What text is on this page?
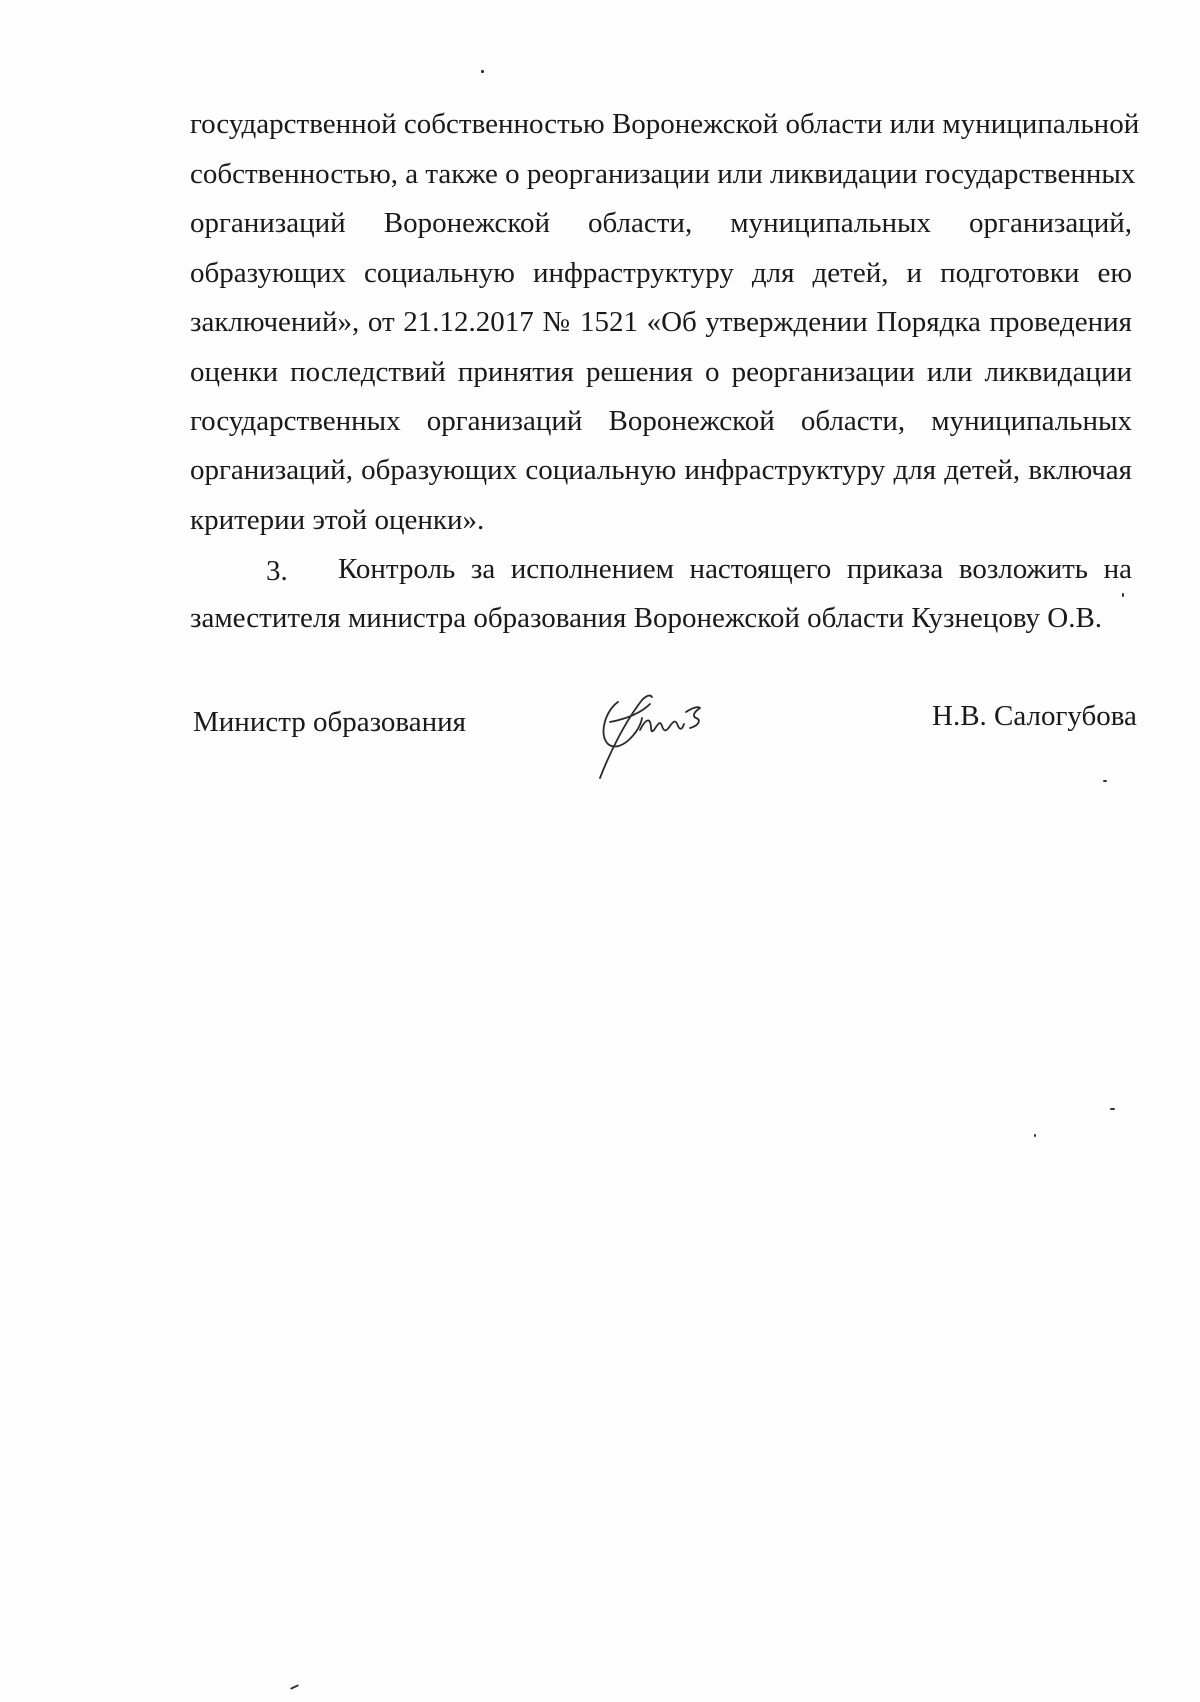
государственной собственностью Воронежской области или муниципальной
собственностью, а также о реорганизации или ликвидации государственных
организаций Воронежской области, муниципальных организаций,
образующих социальную инфраструктуру для детей, и подготовки ею
заключений», от 21.12.2017 № 1521 «Об утверждении Порядка проведения
оценки последствий принятия решения о реорганизации или ликвидации
государственных организаций Воронежской области, муниципальных
организаций, образующих социальную инфраструктуру для детей, включая
критерии этой оценки».
3. Контроль за исполнением настоящего приказа возложить на
заместителя министра образования Воронежской области Кузнецову О.В.
Министр образования	Н.В. Салогубова
